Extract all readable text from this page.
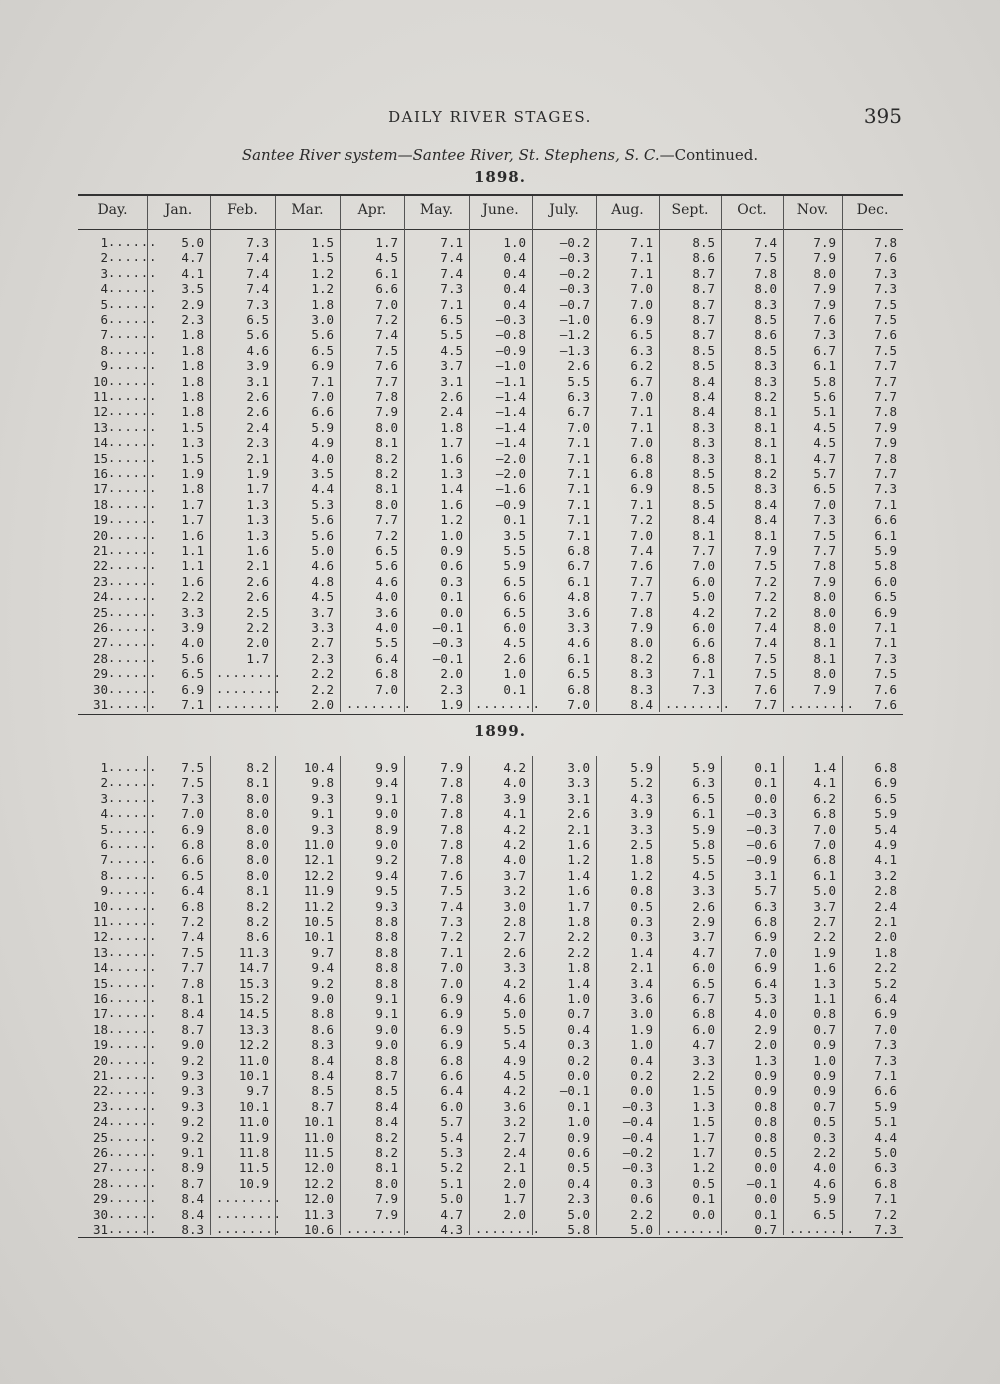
DAILY RIVER STAGES.	395
Santee River system—Santee River, St. Stephens, S. C.—Continued.
1898.
1899.
Day.	Jan.	Feb.	Mar.	Apr.	May.	June.	July.	Aug.	Sept.	Oct.	Nov.	Dec.
1 ......	5.0	7.3	1.5	1.7	7.1	1.0	—0.2	7.1	8.5	7.4	7.9	7.8
2 ......	4.7	7.4	1.5	4.5	7.4	0.4	—0.3	7.1	8.6	7.5	7.9	7.6
3 ......	4.1	7.4	1.2	6.1	7.4	0.4	—0.2	7.1	8.7	7.8	8.0	7.3
4 ......	3.5	7.4	1.2	6.6	7.3	0.4	—0.3	7.0	8.7	8.0	7.9	7.3
5 ......	2.9	7.3	1.8	7.0	7.1	0.4	—0.7	7.0	8.7	8.3	7.9	7.5
6 ......	2.3	6.5	3.0	7.2	6.5	—0.3	—1.0	6.9	8.7	8.5	7.6	7.5
7 ......	1.8	5.6	5.6	7.4	5.5	—0.8	—1.2	6.5	8.7	8.6	7.3	7.6
8 ......	1.8	4.6	6.5	7.5	4.5	—0.9	—1.3	6.3	8.5	8.5	6.7	7.5
9 ......	1.8	3.9	6.9	7.6	3.7	—1.0	2.6	6.2	8.5	8.3	6.1	7.7
10 ......	1.8	3.1	7.1	7.7	3.1	—1.1	5.5	6.7	8.4	8.3	5.8	7.7
11 ......	1.8	2.6	7.0	7.8	2.6	—1.4	6.3	7.0	8.4	8.2	5.6	7.7
12 ......	1.8	2.6	6.6	7.9	2.4	—1.4	6.7	7.1	8.4	8.1	5.1	7.8
13 ......	1.5	2.4	5.9	8.0	1.8	—1.4	7.0	7.1	8.3	8.1	4.5	7.9
14 ......	1.3	2.3	4.9	8.1	1.7	—1.4	7.1	7.0	8.3	8.1	4.5	7.9
15 ......	1.5	2.1	4.0	8.2	1.6	—2.0	7.1	6.8	8.3	8.1	4.7	7.8
16 ......	1.9	1.9	3.5	8.2	1.3	—2.0	7.1	6.8	8.5	8.2	5.7	7.7
17 ......	1.8	1.7	4.4	8.1	1.4	—1.6	7.1	6.9	8.5	8.3	6.5	7.3
18 ......	1.7	1.3	5.3	8.0	1.6	—0.9	7.1	7.1	8.5	8.4	7.0	7.1
19 ......	1.7	1.3	5.6	7.7	1.2	0.1	7.1	7.2	8.4	8.4	7.3	6.6
20 ......	1.6	1.3	5.6	7.2	1.0	3.5	7.1	7.0	8.1	8.1	7.5	6.1
21 ......	1.1	1.6	5.0	6.5	0.9	5.5	6.8	7.4	7.7	7.9	7.7	5.9
22 ......	1.1	2.1	4.6	5.6	0.6	5.9	6.7	7.6	7.0	7.5	7.8	5.8
23 ......	1.6	2.6	4.8	4.6	0.3	6.5	6.1	7.7	6.0	7.2	7.9	6.0
24 ......	2.2	2.6	4.5	4.0	0.1	6.6	4.8	7.7	5.0	7.2	8.0	6.5
25 ......	3.3	2.5	3.7	3.6	0.0	6.5	3.6	7.8	4.2	7.2	8.0	6.9
26 ......	3.9	2.2	3.3	4.0	—0.1	6.0	3.3	7.9	6.0	7.4	8.0	7.1
27 ......	4.0	2.0	2.7	5.5	—0.3	4.5	4.6	8.0	6.6	7.4	8.1	7.1
28 ......	5.6	1.7	2.3	6.4	—0.1	2.6	6.1	8.2	6.8	7.5	8.1	7.3
29 ......	6.5 ........	2.2	6.8	2.0	1.0	6.5	8.3	7.1	7.5	8.0	7.5
30 ......	6.9 ........	2.2	7.0	2.3	0.1	6.8	8.3	7.3	7.6	7.9	7.6
31 ......	7.1 ........	2.0 ........	1.9 ........	7.0	8.4 ........	7.7 ........	7.6
1 ......	7.5	8.2	10.4	9.9	7.9	4.2	3.0	5.9	5.9	0.1	1.4	6.8
2 ......	7.5	8.1	9.8	9.4	7.8	4.0	3.3	5.2	6.3	0.1	4.1	6.9
3 ......	7.3	8.0	9.3	9.1	7.8	3.9	3.1	4.3	6.5	0.0	6.2	6.5
4 ......	7.0	8.0	9.1	9.0	7.8	4.1	2.6	3.9	6.1	—0.3	6.8	5.9
5 ......	6.9	8.0	9.3	8.9	7.8	4.2	2.1	3.3	5.9	—0.3	7.0	5.4
6 ......	6.8	8.0	11.0	9.0	7.8	4.2	1.6	2.5	5.8	—0.6	7.0	4.9
7 ......	6.6	8.0	12.1	9.2	7.8	4.0	1.2	1.8	5.5	—0.9	6.8	4.1
8 ......	6.5	8.0	12.2	9.4	7.6	3.7	1.4	1.2	4.5	3.1	6.1	3.2
9 ......	6.4	8.1	11.9	9.5	7.5	3.2	1.6	0.8	3.3	5.7	5.0	2.8
10 ......	6.8	8.2	11.2	9.3	7.4	3.0	1.7	0.5	2.6	6.3	3.7	2.4
11 ......	7.2	8.2	10.5	8.8	7.3	2.8	1.8	0.3	2.9	6.8	2.7	2.1
12 ......	7.4	8.6	10.1	8.8	7.2	2.7	2.2	0.3	3.7	6.9	2.2	2.0
13 ......	7.5	11.3	9.7	8.8	7.1	2.6	2.2	1.4	4.7	7.0	1.9	1.8
14 ......	7.7	14.7	9.4	8.8	7.0	3.3	1.8	2.1	6.0	6.9	1.6	2.2
15 ......	7.8	15.3	9.2	8.8	7.0	4.2	1.4	3.4	6.5	6.4	1.3	5.2
16 ......	8.1	15.2	9.0	9.1	6.9	4.6	1.0	3.6	6.7	5.3	1.1	6.4
17 ......	8.4	14.5	8.8	9.1	6.9	5.0	0.7	3.0	6.8	4.0	0.8	6.9
18 ......	8.7	13.3	8.6	9.0	6.9	5.5	0.4	1.9	6.0	2.9	0.7	7.0
19 ......	9.0	12.2	8.3	9.0	6.9	5.4	0.3	1.0	4.7	2.0	0.9	7.3
20 ......	9.2	11.0	8.4	8.8	6.8	4.9	0.2	0.4	3.3	1.3	1.0	7.3
21 ......	9.3	10.1	8.4	8.7	6.6	4.5	0.0	0.2	2.2	0.9	0.9	7.1
22 ......	9.3	9.7	8.5	8.5	6.4	4.2	—0.1	0.0	1.5	0.9	0.9	6.6
23 ......	9.3	10.1	8.7	8.4	6.0	3.6	0.1	—0.3	1.3	0.8	0.7	5.9
24 ......	9.2	11.0	10.1	8.4	5.7	3.2	1.0	—0.4	1.5	0.8	0.5	5.1
25 ......	9.2	11.9	11.0	8.2	5.4	2.7	0.9	—0.4	1.7	0.8	0.3	4.4
26 ......	9.1	11.8	11.5	8.2	5.3	2.4	0.6	—0.2	1.7	0.5	2.2	5.0
27 ......	8.9	11.5	12.0	8.1	5.2	2.1	0.5	—0.3	1.2	0.0	4.0	6.3
28 ......	8.7	10.9	12.2	8.0	5.1	2.0	0.4	0.3	0.5	—0.1	4.6	6.8
29 ......	8.4 ........	12.0	7.9	5.0	1.7	2.3	0.6	0.1	0.0	5.9	7.1
30 ......	8.4 ........	11.3	7.9	4.7	2.0	5.0	2.2	0.0	0.1	6.5	7.2
31 ......	8.3 ........	10.6 ........	4.3 ........	5.8	5.0 ........	0.7 ........	7.3
